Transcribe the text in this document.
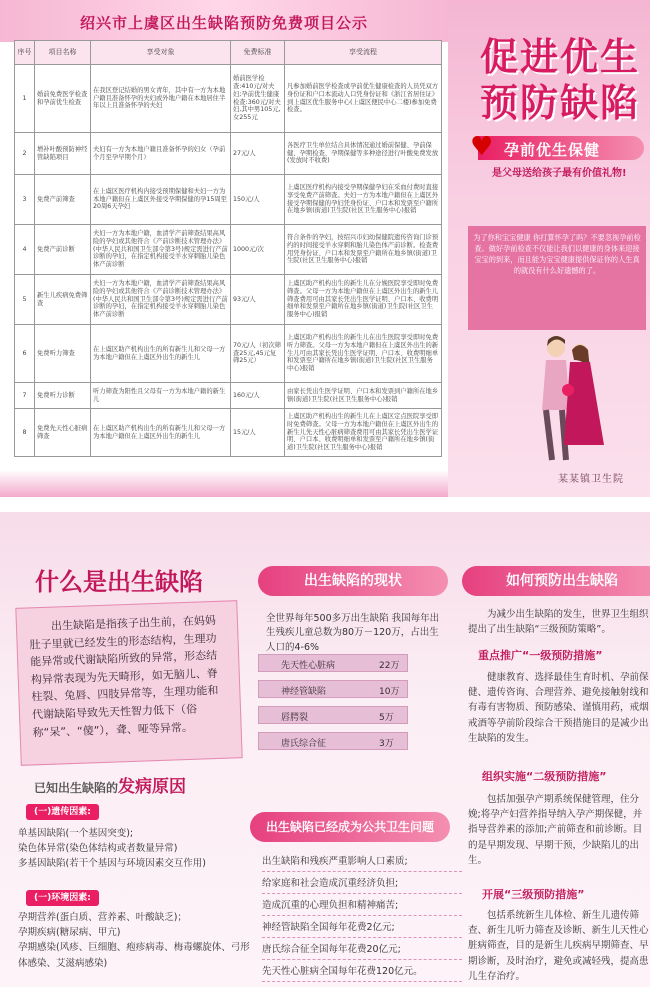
绍兴市上虞区出生缺陷预防免费项目公示
序号	项目名称	享受对象	免费标准	享受流程
1	婚前免费医学检查和孕前优生检查	在我区登记结婚的男女青年，其中有一方为本地户籍且准备怀孕的夫妇或外地户籍在本地居住半年以上且准备怀孕的夫妇	婚前医学检查:410元/对夫妇;孕前优生健康检查:360元/对夫妇,其中男105元,女255元	凡参加婚前医学检查或孕前优生健康检查的人员凭双方身份证和户口本流动人口凭身份证和《浙江省居住证》到上虞区优生服务中心(上虞区便民中心二楼)参加免费检查。
2	增补叶酸预防神经管缺陷项目	夫妇有一方为本地户籍且准备怀孕的妇女（孕前个月至孕早期个月）	27元/人	各医疗卫生单位结合具体情况通过婚前保健、孕前保健、孕期检查、孕期保健等多种途径进行叶酸免费发放(发放时不收费)
3	免费产前筛查	在上虞区医疗机构内接受预期保健和夫妇一方为本地户籍但在上虞区外接受孕期保健的孕15周至20周6天孕妇	150元/人	上虞区医疗机构内接受孕期保健孕妇在采血付费时直接享受免费产前筛查。夫妇一方为本地户籍但在上虞区外接受孕期保健的孕妇凭身份证、户口本和发票至户籍所在地乡镇(街道)卫生院(社区卫生服务中心)报销
4	免费产前诊断	夫妇一方为本地户籍，血清学产前筛查结果高风险的孕妇或其他符合《产前诊断技术管理办法》(中华人民共和国卫生部令第3号)规定需进行产前诊断的孕妇，在指定机构接受羊水穿刺胎儿染色体产前诊断	1000元/次	符合条件的孕妇，按绍兴市妇幼保健院遗传咨询门诊预约的时间接受羊水穿刺和胎儿染色体产前诊断。检查费用凭身份证、户口本和发票至户籍所在地乡镇(街道)卫生院(社区卫生服务中心)报销
5	新生儿疾病免费筛查	夫妇一方为本地户籍，血清学产前筛查结果高风险的孕妇或其他符合《产前诊断技术管理办法》(中华人民共和国卫生部令第3号)规定需进行产前诊断的孕妇，在指定机构接受羊水穿刺胎儿染色体产前诊断	93元/人	上虞区助产机构出生的新生儿在分娩医院享受即时免费筛查。父母一方为本地户籍但在上虞区外出生的新生儿筛查费用可由其家长凭出生医学证明、户口本、收费明细单和发票至户籍所在地乡镇(街道)卫生院(社区卫生服务中心)报销
6	免费听力筛查	在上虞区助产机构出生的所有新生儿和父母一方为本地户籍但在上虞区外出生的新生儿	70元/人（初次筛查25元,45元复筛25元）	上虞区助产机构出生的新生儿在出生医院享受即时免费听力筛查。父母一方为本地户籍但在上虞区外出生的新生儿可由其家长凭出生医学证明、户口本、收费明细单和发票至户籍所在地乡镇(街道)卫生院(社区卫生服务中心)报销
7	免费听力诊断	听力筛查为阳性且父母有一方为本地户籍的新生儿	160元/人	由家长凭出生医学证明、户口本和发票到户籍所在地乡镇(街道)卫生院(社区卫生服务中心)报销
8	免费先天性心脏病筛查	在上虞区助产机构出生的所有新生儿和父母一方为本地户籍但在上虞区外出生的新生儿	15元/人	上虞区助产机构出生的新生儿在上虞区定点医院享受即时免费筛查。父母一方为本地户籍但在上虞区外出生的新生儿先天性心脏病筛查费用可由其家长凭出生医学证明、户口本、收费明细单和发票至户籍所在地乡镇(街道)卫生院(社区卫生服务中心)报销
促进优生
预防缺陷
♥ 孕前优生保健
是父母送给孩子最有价值礼物!
为了你和宝宝健康 你打算怀孕了吗？不要忽视孕前检查。做好孕前检查不仅能让我们以健康的身体来迎接宝宝的到来，而且能为宝宝健康提供保证你的人生真的就没有什么好遗憾的了。
某某镇卫生院
什么是出生缺陷
出生缺陷是指孩子出生前，在妈妈肚子里就已经发生的形态结构，生理功能异常或代谢缺陷所致的异常，形态结构异常表现为先天畸形，如无脑儿、脊柱裂、兔唇、四肢异常等，生理功能和代谢缺陷导致先天性智力低下（俗称“呆”、“傻”），聋、哑等异常。
已知出生缺陷的发病原因
(一)遗传因素:
单基因缺陷(一个基因突变);
染色体异常(染色体结构或者数量异常)
多基因缺陷(若干个基因与环境因素交互作用)
(一)环境因素:
孕期营养(蛋白质、营养素、叶酸缺乏)；
孕期疾病(糖尿病、甲亢)
孕期感染(风疹、巨细胞、疱疹病毒、梅毒螺旋体、弓形体感染、艾滋病感染)
出生缺陷的现状
全世界每年500多万出生缺陷 我国每年出生残疾儿童总数为80万－120万，占出生人口的4-6%
先天性心脏病	22万
神经管缺陷	10万
唇腭裂	5万
唐氏综合征	3万
出生缺陷已经成为公共卫生问题
出生缺陷和残疾严重影响人口素质;
给家庭和社会造成沉重经济负担;
造成沉重的心理负担和精神痛苦;
神经管缺陷全国每年花费2亿元;
唐氏综合征全国每年花费20亿元;
先天性心脏病全国每年花费120亿元。
如何预防出生缺陷
为减少出生缺陷的发生，世界卫生组织提出了出生缺陷“三级预防策略”。
重点推广“一级预防措施”
健康教育、选择最佳生育时机、孕前保健、遗传咨询、合理营养、避免接触射线和有毒有害物质、预防感染、谨慎用药，戒烟戒酒等孕前阶段综合干预措施目的是减少出生缺陷的发生。
组织实施“二级预防措施”
包括加强孕产期系统保健管理，住分娩;将孕产妇营养指导纳入孕产期保健，并指导营养素的添加;产前筛查和前诊断。目的是早期发现、早期干预，少缺陷儿的出生。
开展“三级预防措施”
包括系统新生儿体检、新生儿遗传筛查、新生儿听力筛查及诊断、新生儿天性心脏病筛查，目的是新生儿疾病早期筛查、早期诊断，及时治疗，避免或减轻残，提高患儿生存治疗。
